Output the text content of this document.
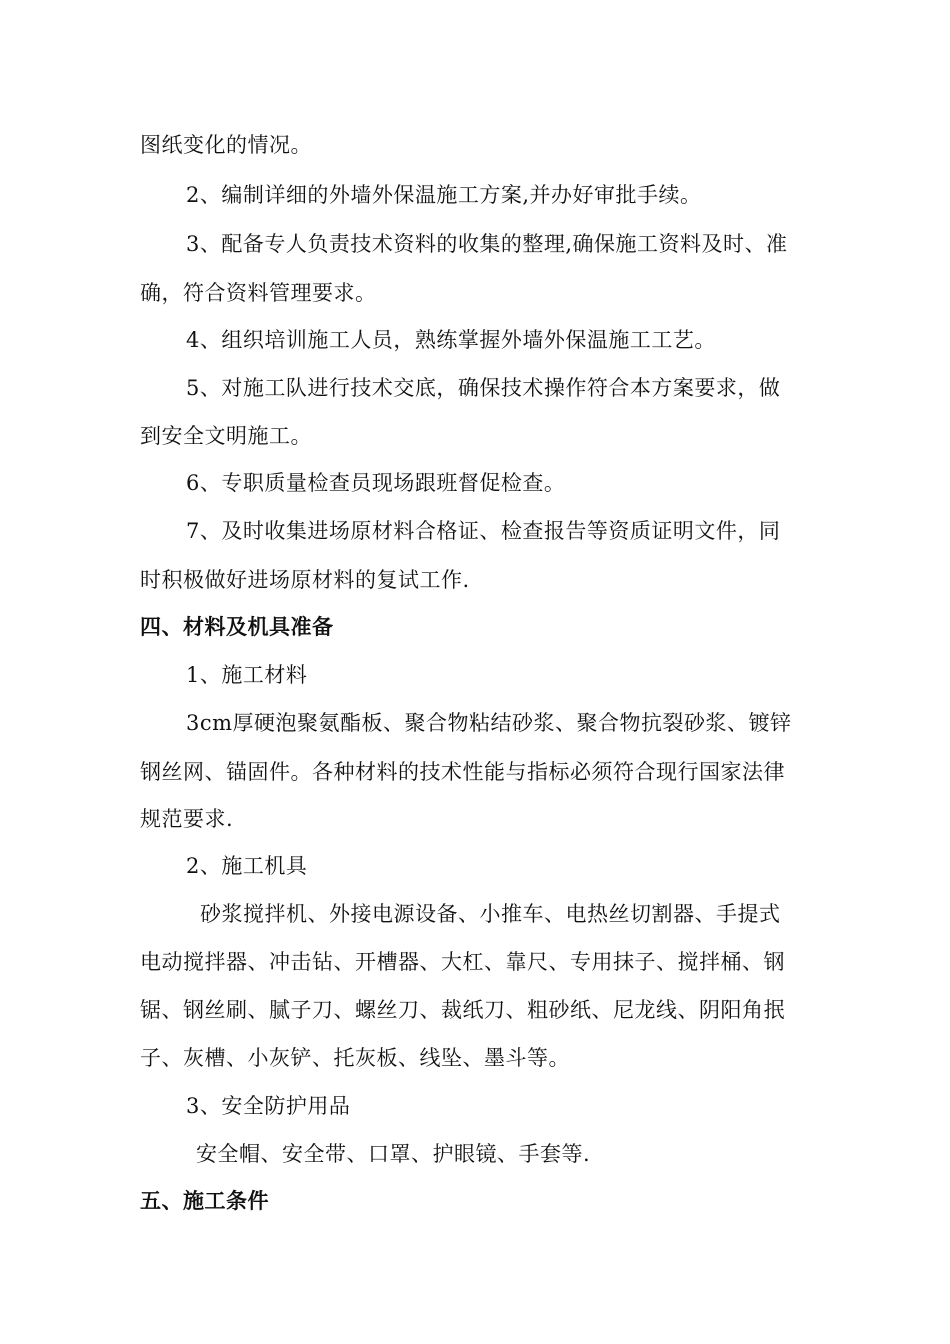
图纸变化的情况。
2、编制详细的外墙外保温施工方案,并办好审批手续。
3、配备专人负责技术资料的收集的整理,确保施工资料及时、准
确，符合资料管理要求。
4、组织培训施工人员，熟练掌握外墙外保温施工工艺。
5、对施工队进行技术交底，确保技术操作符合本方案要求，做
到安全文明施工。
6、专职质量检查员现场跟班督促检查。
7、及时收集进场原材料合格证、检查报告等资质证明文件，同
时积极做好进场原材料的复试工作.
四、材料及机具准备
1、施工材料
3cm厚硬泡聚氨酯板、聚合物粘结砂浆、聚合物抗裂砂浆、镀锌
钢丝网、锚固件。各种材料的技术性能与指标必须符合现行国家法律
规范要求.
2、施工机具
砂浆搅拌机、外接电源设备、小推车、电热丝切割器、手提式
电动搅拌器、冲击钻、开槽器、大杠、靠尺、专用抹子、搅拌桶、钢
锯、钢丝刷、腻子刀、螺丝刀、裁纸刀、粗砂纸、尼龙线、阴阳角抿
子、灰槽、小灰铲、托灰板、线坠、墨斗等。
3、安全防护用品
安全帽、安全带、口罩、护眼镜、手套等.
五、施工条件
